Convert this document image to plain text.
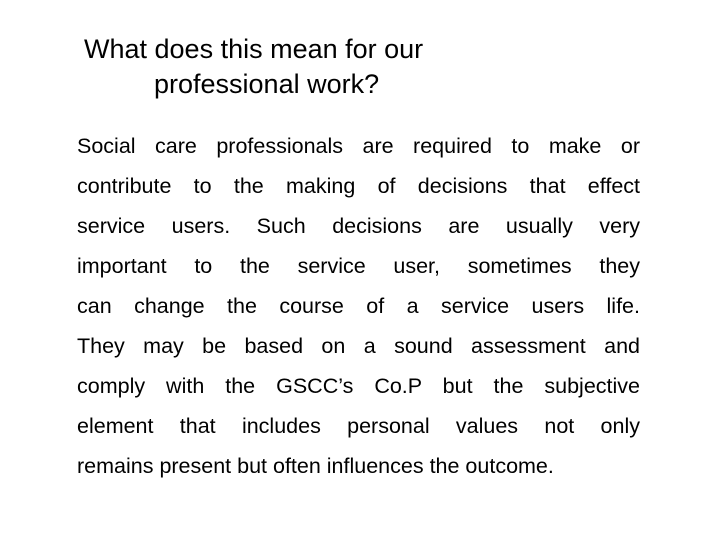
What does this mean for our
professional work?
Social care professionals are required to make or
contribute to the making of decisions that effect
service users. Such decisions are usually very
important to the service user, sometimes they
can change the course of a service users life.
They may be based on a sound assessment and
comply with the GSCC’s Co.P but the subjective
element that includes personal values not only
remains present but often influences the outcome.
